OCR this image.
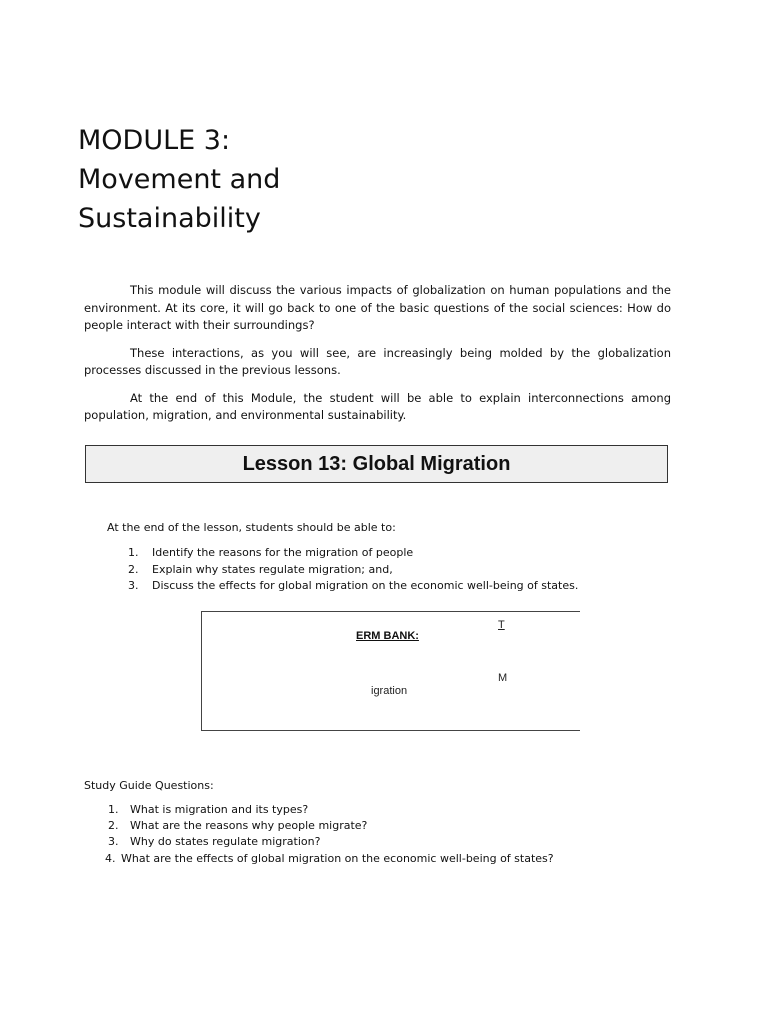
MODULE 3:
Movement and
Sustainability

This module will discuss the various impacts of globalization on human populations and the environment. At its core, it will go back to one of the basic questions of the social sciences: How do people interact with their surroundings?

These interactions, as you will see, are increasingly being molded by the globalization processes discussed in the previous lessons.

At the end of this Module, the student will be able to explain interconnections among population, migration, and environmental sustainability.

Lesson 13: Global Migration
At the end of the lesson, students should be able to:
1. Identify the reasons for the migration of people
2. Explain why states regulate migration; and,
3. Discuss the effects for global migration on the economic well-being of states.
ERM BANK:
T
M
igration
Study Guide Questions:
1. What is migration and its types?
2. What are the reasons why people migrate?
3. Why do states regulate migration?
4. What are the effects of global migration on the economic well-being of states?
